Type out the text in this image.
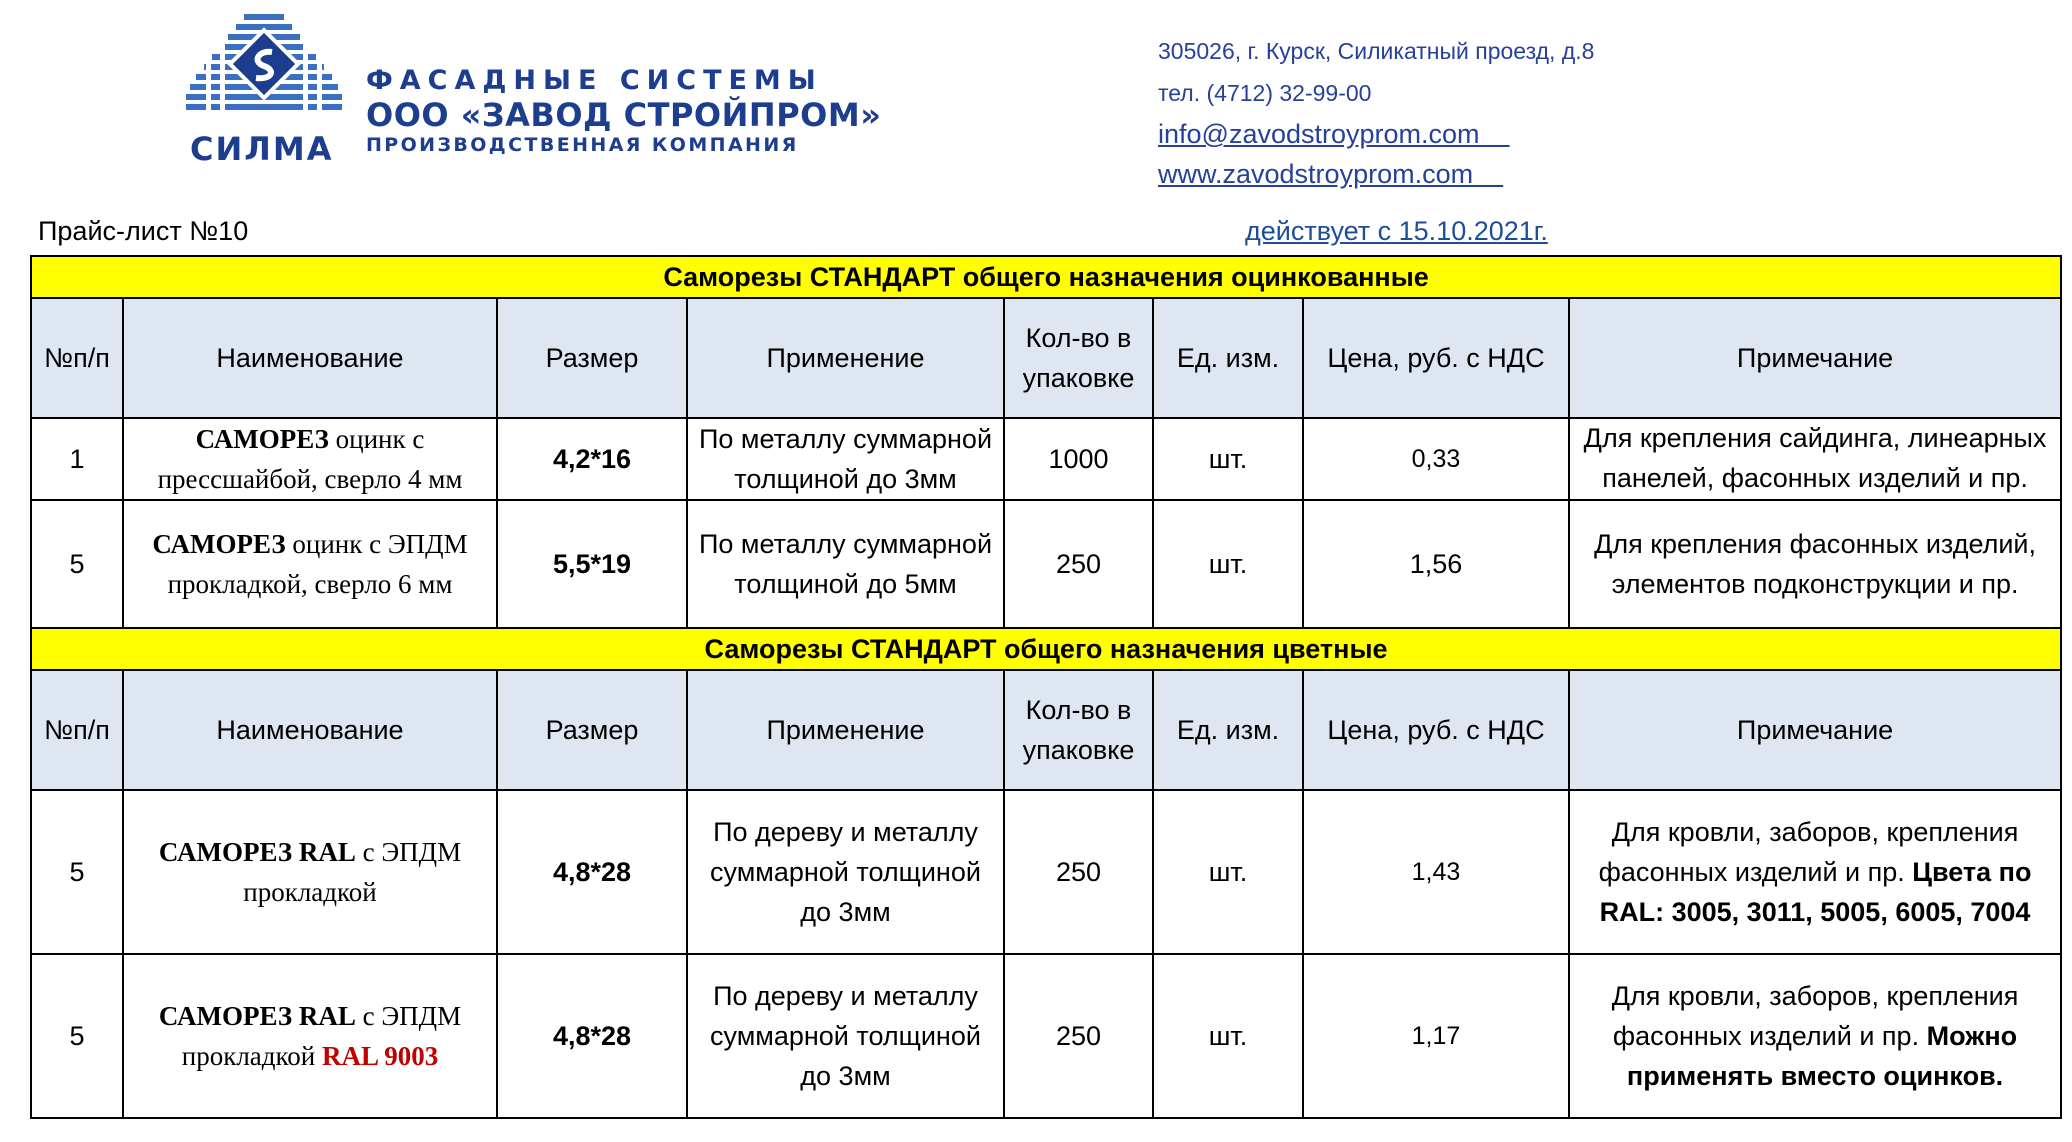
СИЛМА
ФАСАДНЫЕ СИСТЕМЫ
ООО «ЗАВОД СТРОЙПРОМ»
ПРОИЗВОДСТВЕННАЯ КОМПАНИЯ
305026, г. Курск, Силикатный проезд, д.8
тел. (4712) 32-99-00
info@zavodstroyprom.com
www.zavodstroyprom.com
Прайс-лист №10	действует с 15.10.2021г.
Саморезы СТАНДАРТ общего назначения оцинкованные							
№п/п	Наименование	Размер	Применение	Кол-во в упаковке	Ед. изм.	Цена, руб. с НДС	Примечание
1	САМОРЕЗ оцинк с прессшайбой, сверло 4 мм	4,2*16	По металлу суммарной толщиной до 3мм	1000	шт.	0,33	Для крепления сайдинга, линеарных панелей, фасонных изделий и пр.

5	САМОРЕЗ оцинк с ЭПДМ прокладкой, сверло 6 мм	5,5*19	По металлу суммарной толщиной до 5мм	250	шт.	1,56	Для крепления фасонных изделий, элементов подконструкции и пр.
Саморезы СТАНДАРТ общего назначения цветные							
№п/п	Наименование	Размер	Применение	Кол-во в упаковке	Ед. изм.	Цена, руб. с НДС	Примечание
5	САМОРЕЗ RAL с ЭПДМ прокладкой	4,8*28	По дереву и металлу суммарной толщиной до 3мм	250	шт.	1,43	Для кровли, заборов, крепления фасонных изделий и пр. Цвета по RAL: 3005, 3011, 5005, 6005, 7004
5	САМОРЕЗ RAL с ЭПДМ прокладкой RAL 9003	4,8*28	По дереву и металлу суммарной толщиной до 3мм	250	шт.	1,17	Для кровли, заборов, крепления фасонных изделий и пр. Можно применять вместо оцинков.
